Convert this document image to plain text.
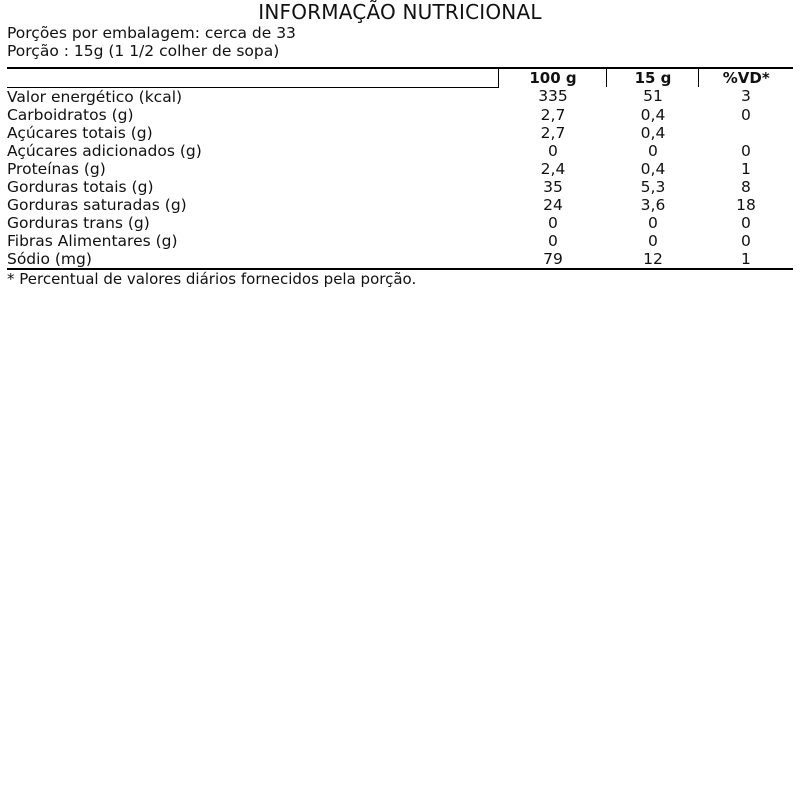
INFORMAÇÃO NUTRICIONAL			
Porções por embalagem: cerca de 33			
Porção : 15g (1 1/2 colher de sopa)			
	100 g	15 g	%VD*
Valor energético (kcal)	335	51	3
Carboidratos (g)	2,7	0,4	0
Açúcares totais (g)	2,7	0,4	
Açúcares adicionados (g)	0	0	0
Proteínas (g)	2,4	0,4	1
Gorduras totais (g)	35	5,3	8
Gorduras saturadas (g)	24	3,6	18
Gorduras trans (g)	0	0	0
Fibras Alimentares (g)	0	0	0
Sódio (mg)	79	12	1
* Percentual de valores diários fornecidos pela porção.			
